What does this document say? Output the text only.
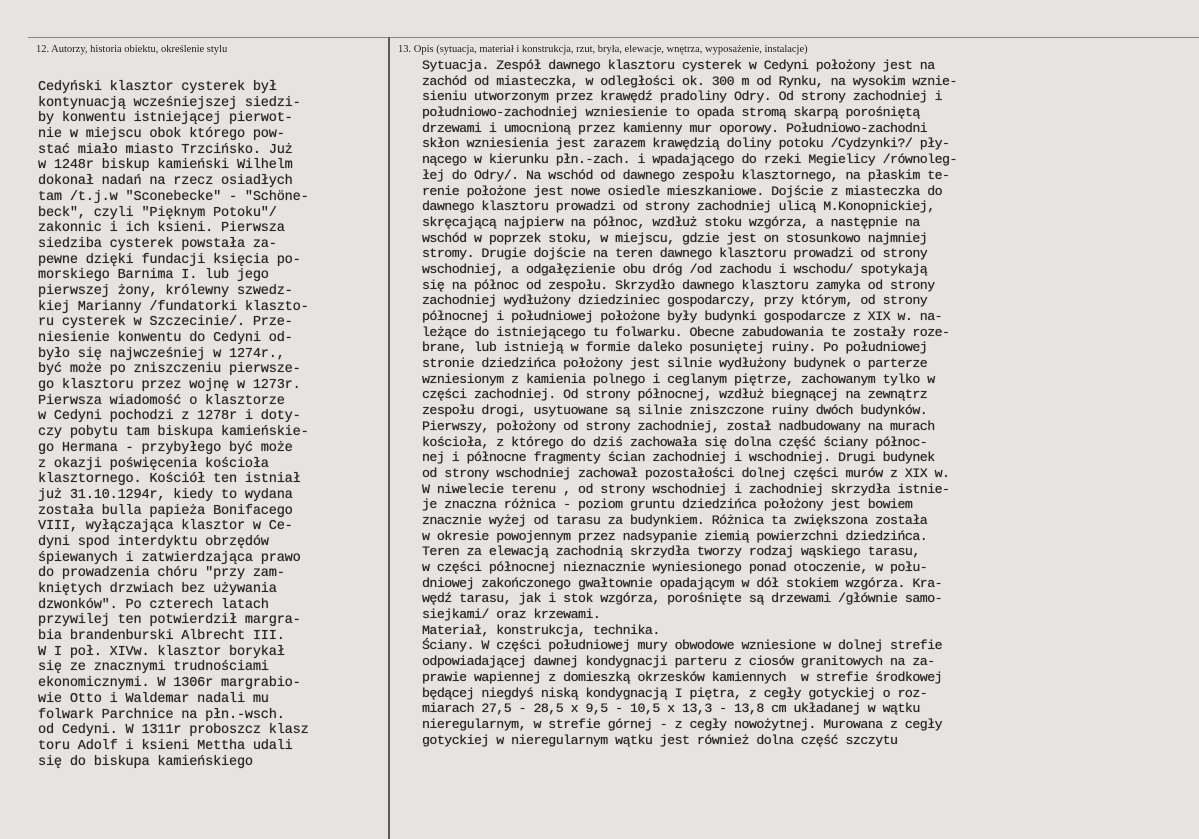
12. Autorzy, historia obiektu, określenie stylu	13. Opis (sytuacja, materiał i konstrukcja, rzut, bryła, elewacje, wnętrza, wyposażenie, instalacje)
Cedyński klasztor cysterek był
kontynuacją wcześniejszej siedzi-
by konwentu istniejącej pierwot-
nie w miejscu obok którego pow-
stać miało miasto Trzcińsko. Już
w 1248r biskup kamieński Wilhelm
dokonał nadań na rzecz osiadłych
tam /t.j.w "Sconebecke" - "Schöne-
beck", czyli "Pięknym Potoku"/
zakonnic i ich ksieni. Pierwsza
siedziba cysterek powstała za-
pewne dzięki fundacji księcia po-
morskiego Barnima I. lub jego
pierwszej żony, królewny szwedz-
kiej Marianny /fundatorki klaszto-
ru cysterek w Szczecinie/. Prze-
niesienie konwentu do Cedyni od-
było się najwcześniej w 1274r.,
być może po zniszczeniu pierwsze-
go klasztoru przez wojnę w 1273r.
Pierwsza wiadomość o klasztorze
w Cedyni pochodzi z 1278r i doty-
czy pobytu tam biskupa kamieńskie-
go Hermana - przybyłego być może
z okazji poświęcenia kościoła
klasztornego. Kościół ten istniał
już 31.10.1294r, kiedy to wydana
została bulla papieża Bonifacego
VIII, wyłączająca klasztor w Ce-
dyni spod interdyktu obrzędów
śpiewanych i zatwierdzająca prawo
do prowadzenia chóru "przy zam-
kniętych drzwiach bez używania
dzwonków". Po czterech latach
przywilej ten potwierdził margra-
bia brandenburski Albrecht III.
W I poł. XIVw. klasztor borykał
się ze znacznymi trudnościami
ekonomicznymi. W 1306r margrabio-
wie Otto i Waldemar nadali mu
folwark Parchnice na płn.-wsch.
od Cedyni. W 1311r proboszcz klasz
toru Adolf i ksieni Mettha udali
się do biskupa kamieńskiego
Sytuacja. Zespół dawnego klasztoru cysterek w Cedyni położony jest na
zachód od miasteczka, w odległości ok. 300 m od Rynku, na wysokim wznie-
sieniu utworzonym przez krawędź pradoliny Odry. Od strony zachodniej i
południowo-zachodniej wzniesienie to opada stromą skarpą porośniętą
drzewami i umocnioną przez kamienny mur oporowy. Południowo-zachodni
skłon wzniesienia jest zarazem krawędzią doliny potoku /Cydzynki?/ pły-
nącego w kierunku płn.-zach. i wpadającego do rzeki Megielicy /równoleg-
łej do Odry/. Na wschód od dawnego zespołu klasztornego, na płaskim te-
renie położone jest nowe osiedle mieszkaniowe. Dojście z miasteczka do
dawnego klasztoru prowadzi od strony zachodniej ulicą M.Konopnickiej,
skręcającą najpierw na północ, wzdłuż stoku wzgórza, a następnie na
wschód w poprzek stoku, w miejscu, gdzie jest on stosunkowo najmniej
stromy. Drugie dojście na teren dawnego klasztoru prowadzi od strony
wschodniej, a odgałęzienie obu dróg /od zachodu i wschodu/ spotykają
się na północ od zespołu. Skrzydło dawnego klasztoru zamyka od strony
zachodniej wydłużony dziedziniec gospodarczy, przy którym, od strony
północnej i południowej położone były budynki gospodarcze z XIX w. na-
leżące do istniejącego tu folwarku. Obecne zabudowania te zostały roze-
brane, lub istnieją w formie daleko posuniętej ruiny. Po południowej
stronie dziedzińca położony jest silnie wydłużony budynek o parterze
wzniesionym z kamienia polnego i ceglanym piętrze, zachowanym tylko w
części zachodniej. Od strony północnej, wzdłuż biegnącej na zewnątrz
zespołu drogi, usytuowane są silnie zniszczone ruiny dwóch budynków.
Pierwszy, położony od strony zachodniej, został nadbudowany na murach
kościoła, z którego do dziś zachowała się dolna część ściany północ-
nej i północne fragmenty ścian zachodniej i wschodniej. Drugi budynek
od strony wschodniej zachował pozostałości dolnej części murów z XIX w.
W niwelecie terenu , od strony wschodniej i zachodniej skrzydła istnie-
je znaczna różnica - poziom gruntu dziedzińca położony jest bowiem
znacznie wyżej od tarasu za budynkiem. Różnica ta zwiększona została
w okresie powojennym przez nadsypanie ziemią powierzchni dziedzińca.
Teren za elewacją zachodnią skrzydła tworzy rodzaj wąskiego tarasu,
w części północnej nieznacznie wyniesionego ponad otoczenie, w połu-
dniowej zakończonego gwałtownie opadającym w dół stokiem wzgórza. Kra-
wędź tarasu, jak i stok wzgórza, porośnięte są drzewami /głównie samo-
siejkami/ oraz krzewami.
Materiał, konstrukcja, technika.
Ściany. W części południowej mury obwodowe wzniesione w dolnej strefie
odpowiadającej dawnej kondygnacji parteru z ciosów granitowych na za-
prawie wapiennej z domieszką okrzesków kamiennych  w strefie środkowej
będącej niegdyś niską kondygnacją I piętra, z cegły gotyckiej o roz-
miarach 27,5 - 28,5 x 9,5 - 10,5 x 13,3 - 13,8 cm układanej w wątku
nieregularnym, w strefie górnej - z cegły nowożytnej. Murowana z cegły
gotyckiej w nieregularnym wątku jest również dolna część szczytu
